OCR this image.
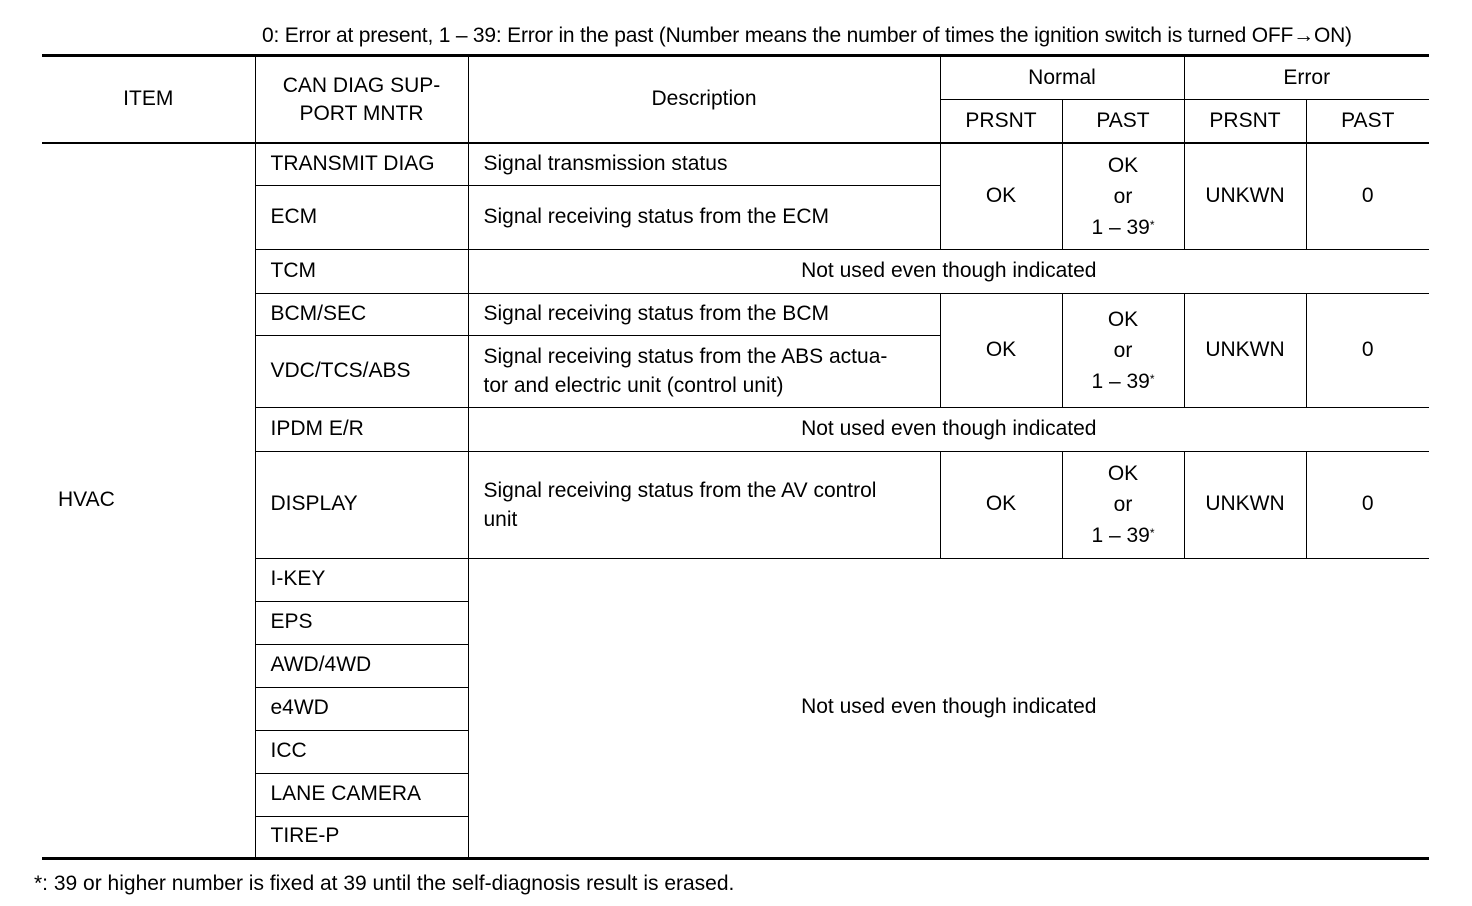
0: Error at present, 1 – 39: Error in the past (Number means the number of times the ignition switch is turned OFF→ON)
ITEM	CAN DIAG SUP-
PORT MNTR	Description	Normal		Error	
			PRSNT	PAST	PRSNT	PAST
HVAC	TRANSMIT DIAG	Signal transmission status	OK	OK
or
1 – 39*	UNKWN	0
	ECM	Signal receiving status from the ECM				
	TCM	Not used even though indicated				
	BCM/SEC	Signal receiving status from the BCM	OK	OK
or
1 – 39*	UNKWN	0
	VDC/TCS/ABS	Signal receiving status from the ABS actua-
tor and electric unit (control unit)				

	IPDM E/R	Not used even though indicated				
	DISPLAY	Signal receiving status from the AV control
unit	OK	OK
or
1 – 39*	UNKWN	0
	I-KEY	Not used even though indicated				
	EPS					
	AWD/4WD					
	e4WD					
	ICC					
	LANE CAMERA					
	TIRE-P					
*: 39 or higher number is fixed at 39 until the self-diagnosis result is erased.
